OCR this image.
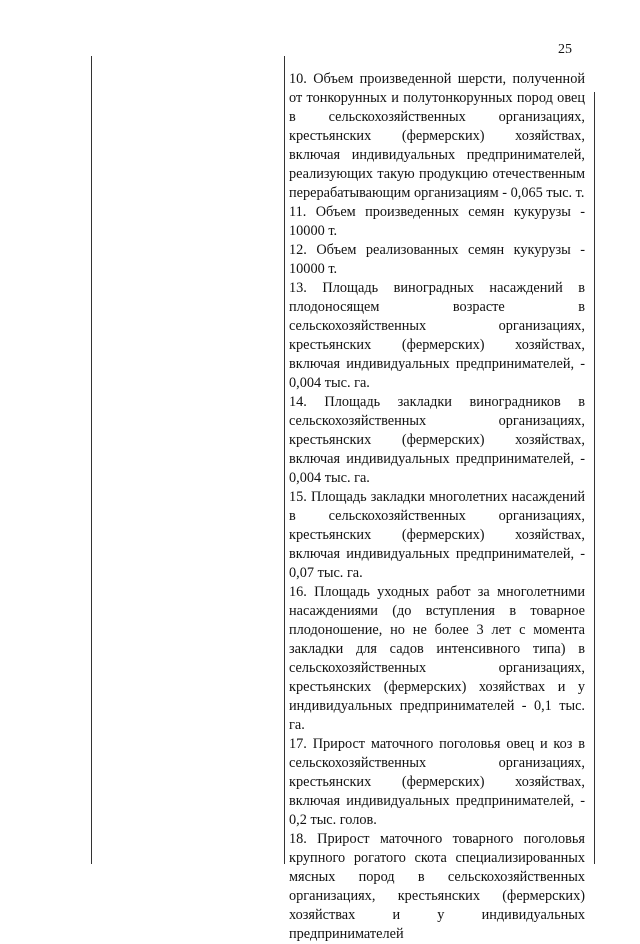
25

10. Объем произведенной шерсти, полученной от тонкорунных и полутонкорунных пород овец в сельскохозяйственных организациях, крестьянских (фермерских) хозяйствах, включая индивидуальных предпринимателей, реализующих такую продукцию отечественным перерабатывающим организациям - 0,065 тыс. т.

11. Объем произведенных семян кукурузы - 10000 т.

12. Объем реализованных семян кукурузы - 10000 т.

13. Площадь виноградных насаждений в плодоносящем возрасте в сельскохозяйственных организациях, крестьянских (фермерских) хозяйствах, включая индивидуальных предпринимателей, - 0,004 тыс. га.

14. Площадь закладки виноградников в сельскохозяйственных организациях, крестьянских (фермерских) хозяйствах, включая индивидуальных предпринимателей, - 0,004 тыс. га.

15. Площадь закладки многолетних насаждений в сельскохозяйственных организациях, крестьянских (фермерских) хозяйствах, включая индивидуальных предпринимателей, - 0,07 тыс. га.

16. Площадь уходных работ за многолетними насаждениями (до вступления в товарное плодоношение, но не более 3 лет с момента закладки для садов интенсивного типа) в сельскохозяйственных организациях, крестьянских (фермерских) хозяйствах и у индивидуальных предпринимателей - 0,1 тыс. га.

17. Прирост маточного поголовья овец и коз в сельскохозяйственных организациях, крестьянских (фермерских) хозяйствах, включая индивидуальных предпринимателей, - 0,2 тыс. голов.

18. Прирост маточного товарного поголовья крупного рогатого скота специализированных мясных пород в сельскохозяйственных организациях, крестьянских (фермерских) хозяйствах и у индивидуальных предпринимателей
